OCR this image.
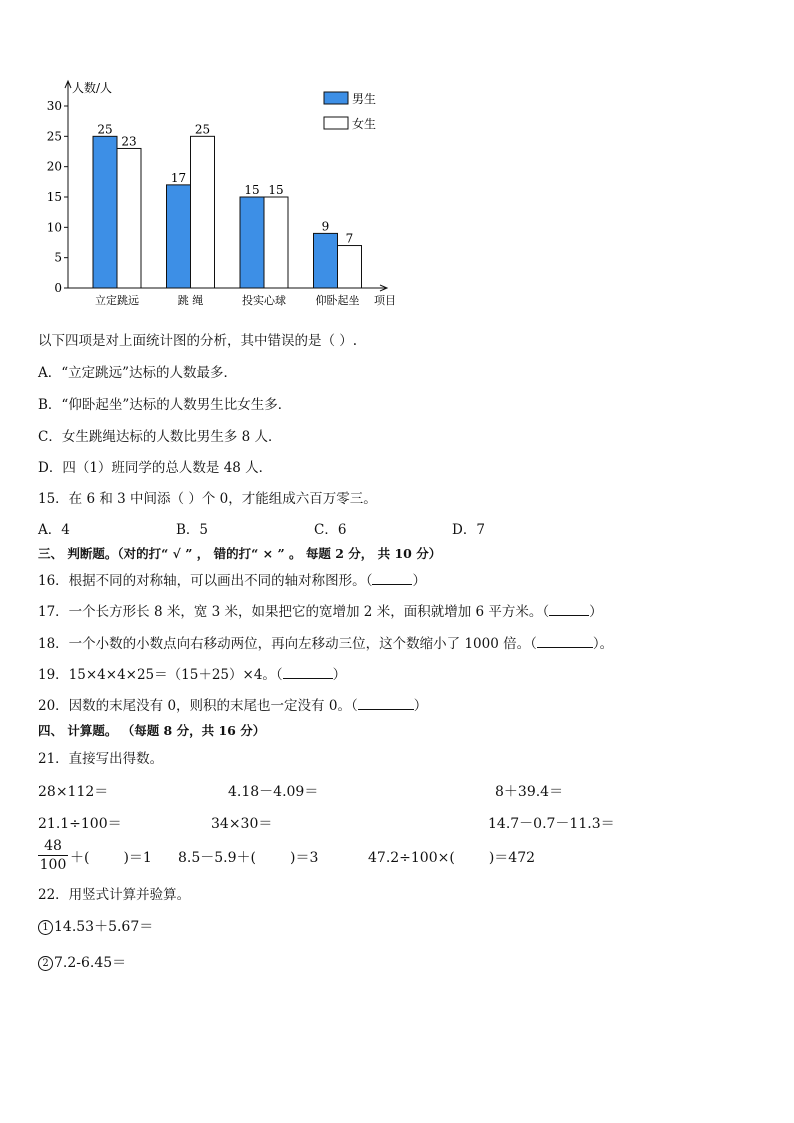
人数/人
项目
0
5
10
15
20
25
30
25
23
立定跳远
17
25
跳 绳
15 15
投实心球
9
7
仰卧起坐
男生
女生
以下四项是对上面统计图的分析，其中错误的是（ ）.
A．“立定跳远”达标的人数最多．
B．“仰卧起坐”达标的人数男生比女生多．
C．女生跳绳达标的人数比男生多 8 人．
D．四（1）班同学的总人数是 48 人．
15．在 6 和 3 中间添（ ）个 0，才能组成六百万零三。
A．4	B．5	C．6	D．7
三、 判断题。（对的打“ √ ” ， 错的打“ × ” 。 每题 2 分， 共 10 分）
16．根据不同的对称轴，可以画出不同的轴对称图形。（	）
17．一个长方形长 8 米，宽 3 米，如果把它的宽增加 2 米，面积就增加 6 平方米。（	）
18．一个小数的小数点向右移动两位，再向左移动三位，这个数缩小了 1000 倍。（	）。
19．15×4×4×25＝（15＋25）×4。（	）
20．因数的末尾没有 0，则积的末尾也一定没有 0。（	）
四、 计算题。 （每题 8 分，共 16 分）
21．直接写出得数。
28×112＝	4.18－4.09＝	8＋39.4＝
21.1÷100＝	34×30＝	14.7－0.7－11.3＝
$\frac{48}{100}$ ＋( )＝1 8.5－5.9＋( )＝3	47.2÷100×( )＝472
22．用竖式计算并验算。
1 14.53＋5.67＝
2 7.2-6.45＝
